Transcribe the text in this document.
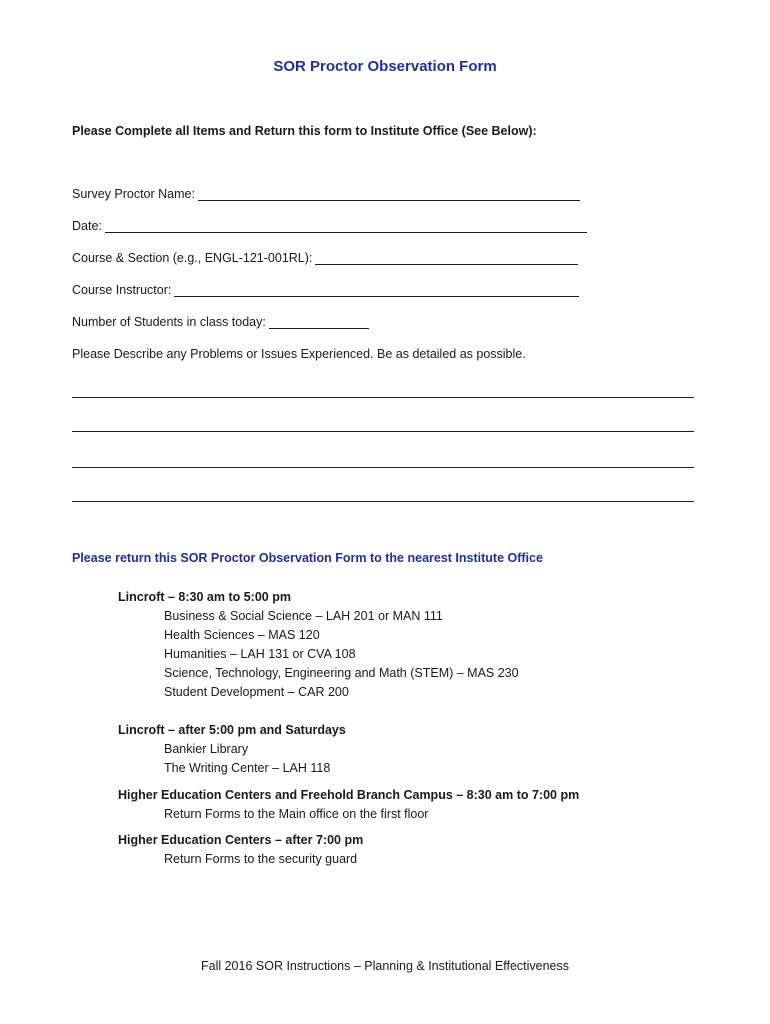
SOR Proctor Observation Form
Please Complete all Items and Return this form to Institute Office (See Below):
Survey Proctor Name:
Date:
Course & Section (e.g., ENGL-121-001RL):
Course Instructor:
Number of Students in class today:
Please Describe any Problems or Issues Experienced. Be as detailed as possible.
Please return this SOR Proctor Observation Form to the nearest Institute Office
Lincroft – 8:30 am to 5:00 pm
Business & Social Science – LAH 201 or MAN 111
Health Sciences – MAS 120
Humanities – LAH 131 or CVA 108
Science, Technology, Engineering and Math (STEM) – MAS 230
Student Development – CAR 200
Lincroft – after 5:00 pm and Saturdays
Bankier Library
The Writing Center – LAH 118
Higher Education Centers and Freehold Branch Campus – 8:30 am to 7:00 pm
Return Forms to the Main office on the first floor
Higher Education Centers – after 7:00 pm
Return Forms to the security guard
Fall 2016 SOR Instructions – Planning & Institutional Effectiveness
